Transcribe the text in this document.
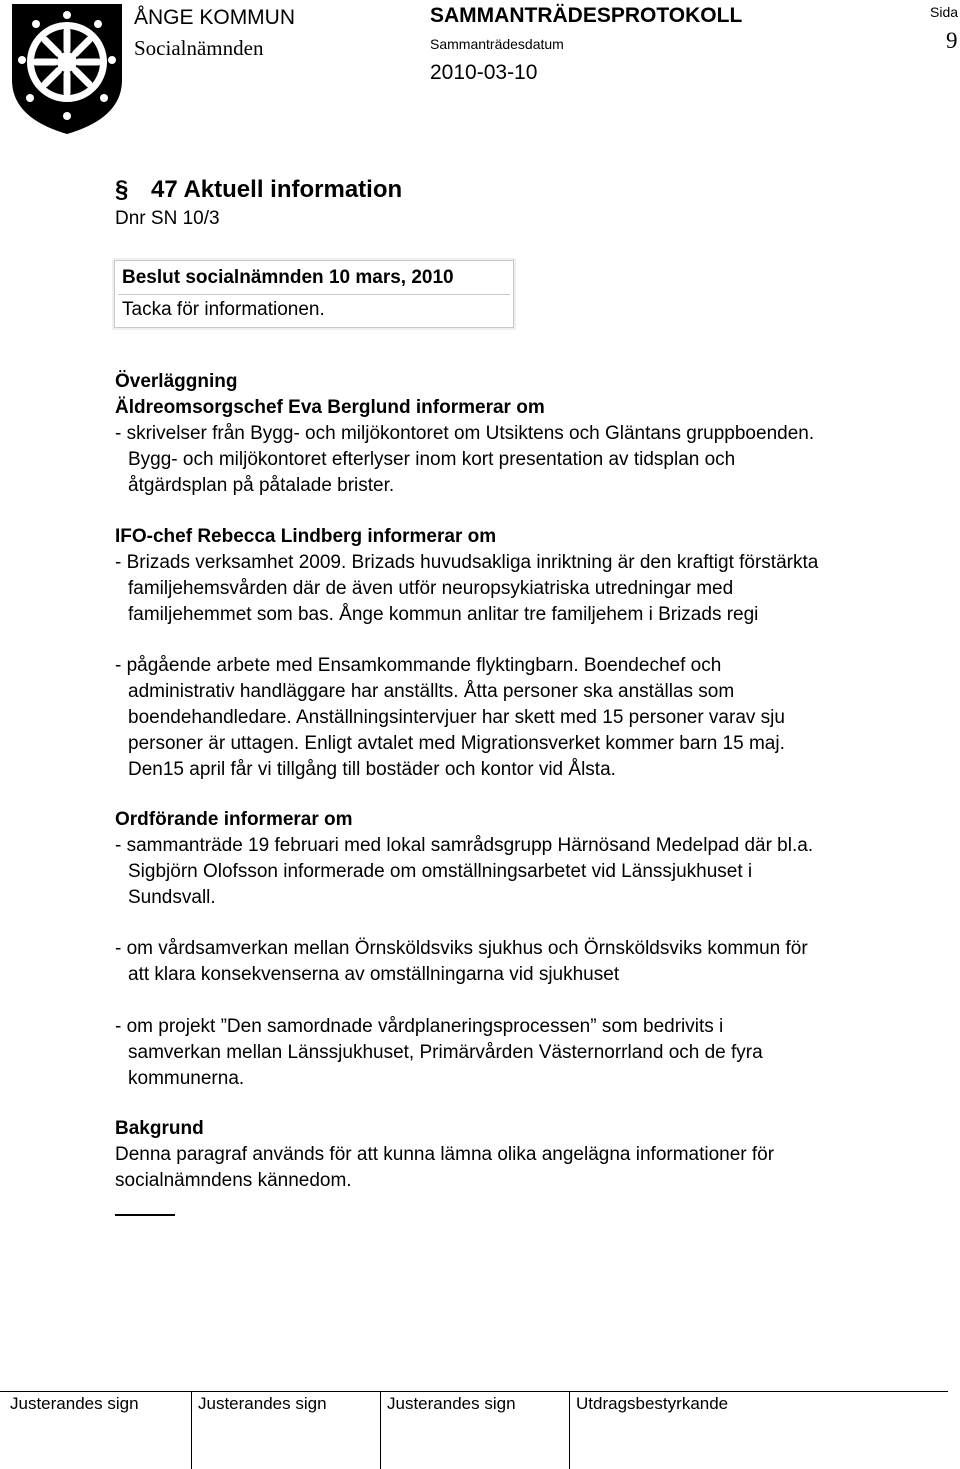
ÅNGE KOMMUN
Socialnämnden
SAMMANTRÄDESPROTOKOLL
Sammanträdesdatum
2010-03-10
Sida
9
§ 47 Aktuell information
Dnr SN 10/3
Beslut socialnämnden 10 mars, 2010
Tacka för informationen.
Överläggning
Äldreomsorgschef Eva Berglund informerar om
- skrivelser från Bygg- och miljökontoret om Utsiktens och Gläntans gruppboenden.
Bygg- och miljökontoret efterlyser inom kort presentation av tidsplan och
åtgärdsplan på påtalade brister.
IFO-chef Rebecca Lindberg informerar om
- Brizads verksamhet 2009. Brizads huvudsakliga inriktning är den kraftigt förstärkta
familjehemsvården där de även utför neuropsykiatriska utredningar med
familjehemmet som bas. Ånge kommun anlitar tre familjehem i Brizads regi
- pågående arbete med Ensamkommande flyktingbarn. Boendechef och
administrativ handläggare har anställts. Åtta personer ska anställas som
boendehandledare. Anställningsintervjuer har skett med 15 personer varav sju
personer är uttagen. Enligt avtalet med Migrationsverket kommer barn 15 maj.
Den15 april får vi tillgång till bostäder och kontor vid Ålsta.
Ordförande informerar om
- sammanträde 19 februari med lokal samrådsgrupp Härnösand Medelpad där bl.a.
Sigbjörn Olofsson informerade om omställningsarbetet vid Länssjukhuset i
Sundsvall.
- om vårdsamverkan mellan Örnsköldsviks sjukhus och Örnsköldsviks kommun för
att klara konsekvenserna av omställningarna vid sjukhuset
- om projekt ”Den samordnade vårdplaneringsprocessen” som bedrivits i
samverkan mellan Länssjukhuset, Primärvården Västernorrland och de fyra
kommunerna.
Bakgrund
Denna paragraf används för att kunna lämna olika angelägna informationer för
socialnämndens kännedom.
Justerandes sign	Justerandes sign	Justerandes sign	Utdragsbestyrkande
